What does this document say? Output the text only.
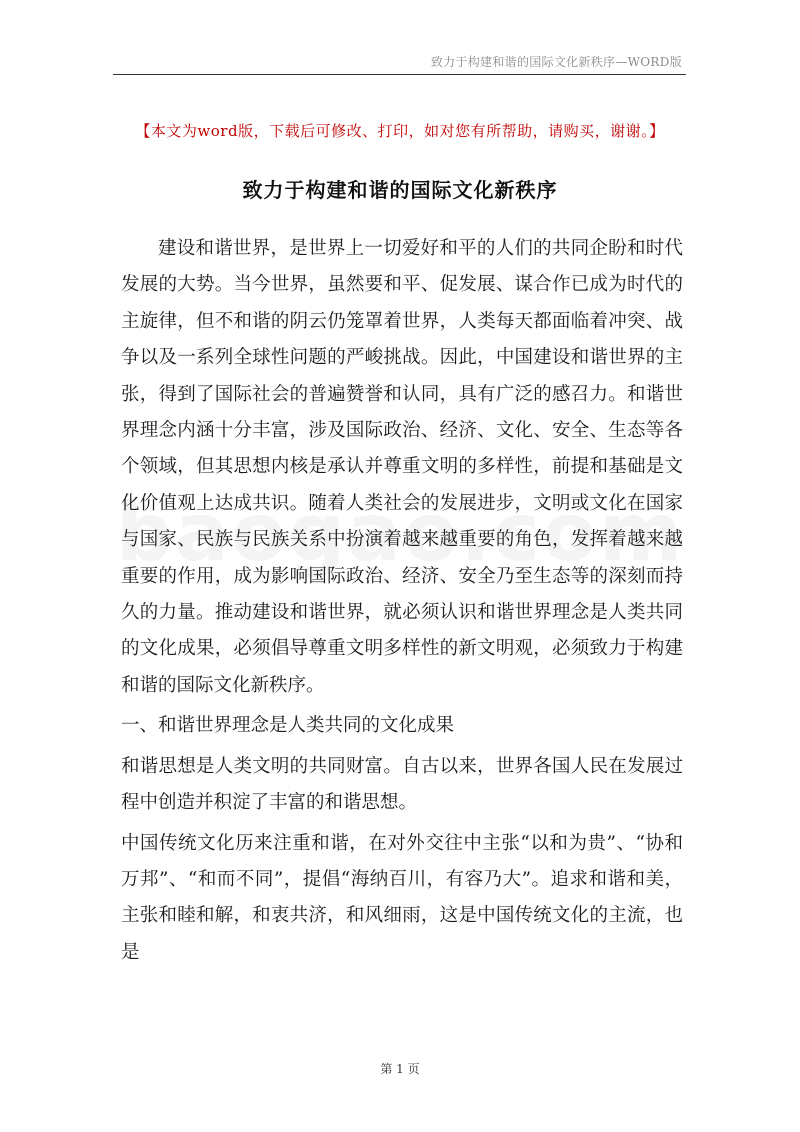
致力于构建和谐的国际文化新秩序—WORD版
【本文为word版，下载后可修改、打印，如对您有所帮助，请购买，谢谢。】
致力于构建和谐的国际文化新秩序

建设和谐世界，是世界上一切爱好和平的人们的共同企盼和时代发展的大势。当今世界，虽然要和平、促发展、谋合作已成为时代的主旋律，但不和谐的阴云仍笼罩着世界，人类每天都面临着冲突、战争以及一系列全球性问题的严峻挑战。因此，中国建设和谐世界的主张，得到了国际社会的普遍赞誉和认同，具有广泛的感召力。和谐世界理念内涵十分丰富，涉及国际政治、经济、文化、安全、生态等各个领域，但其思想内核是承认并尊重文明的多样性，前提和基础是文化价值观上达成共识。随着人类社会的发展进步，文明或文化在国家与国家、民族与民族关系中扮演着越来越重要的角色，发挥着越来越重要的作用，成为影响国际政治、经济、安全乃至生态等的深刻而持久的力量。推动建设和谐世界，就必须认识和谐世界理念是人类共同的文化成果，必须倡导尊重文明多样性的新文明观，必须致力于构建和谐的国际文化新秩序。

一、和谐世界理念是人类共同的文化成果

和谐思想是人类文明的共同财富。自古以来，世界各国人民在发展过程中创造并积淀了丰富的和谐思想。

中国传统文化历来注重和谐，在对外交往中主张“以和为贵”、“协和万邦”、“和而不同”，提倡“海纳百川，有容乃大”。追求和谐和美，主张和睦和解，和衷共济，和风细雨，这是中国传统文化的主流，也是

第 1 页
